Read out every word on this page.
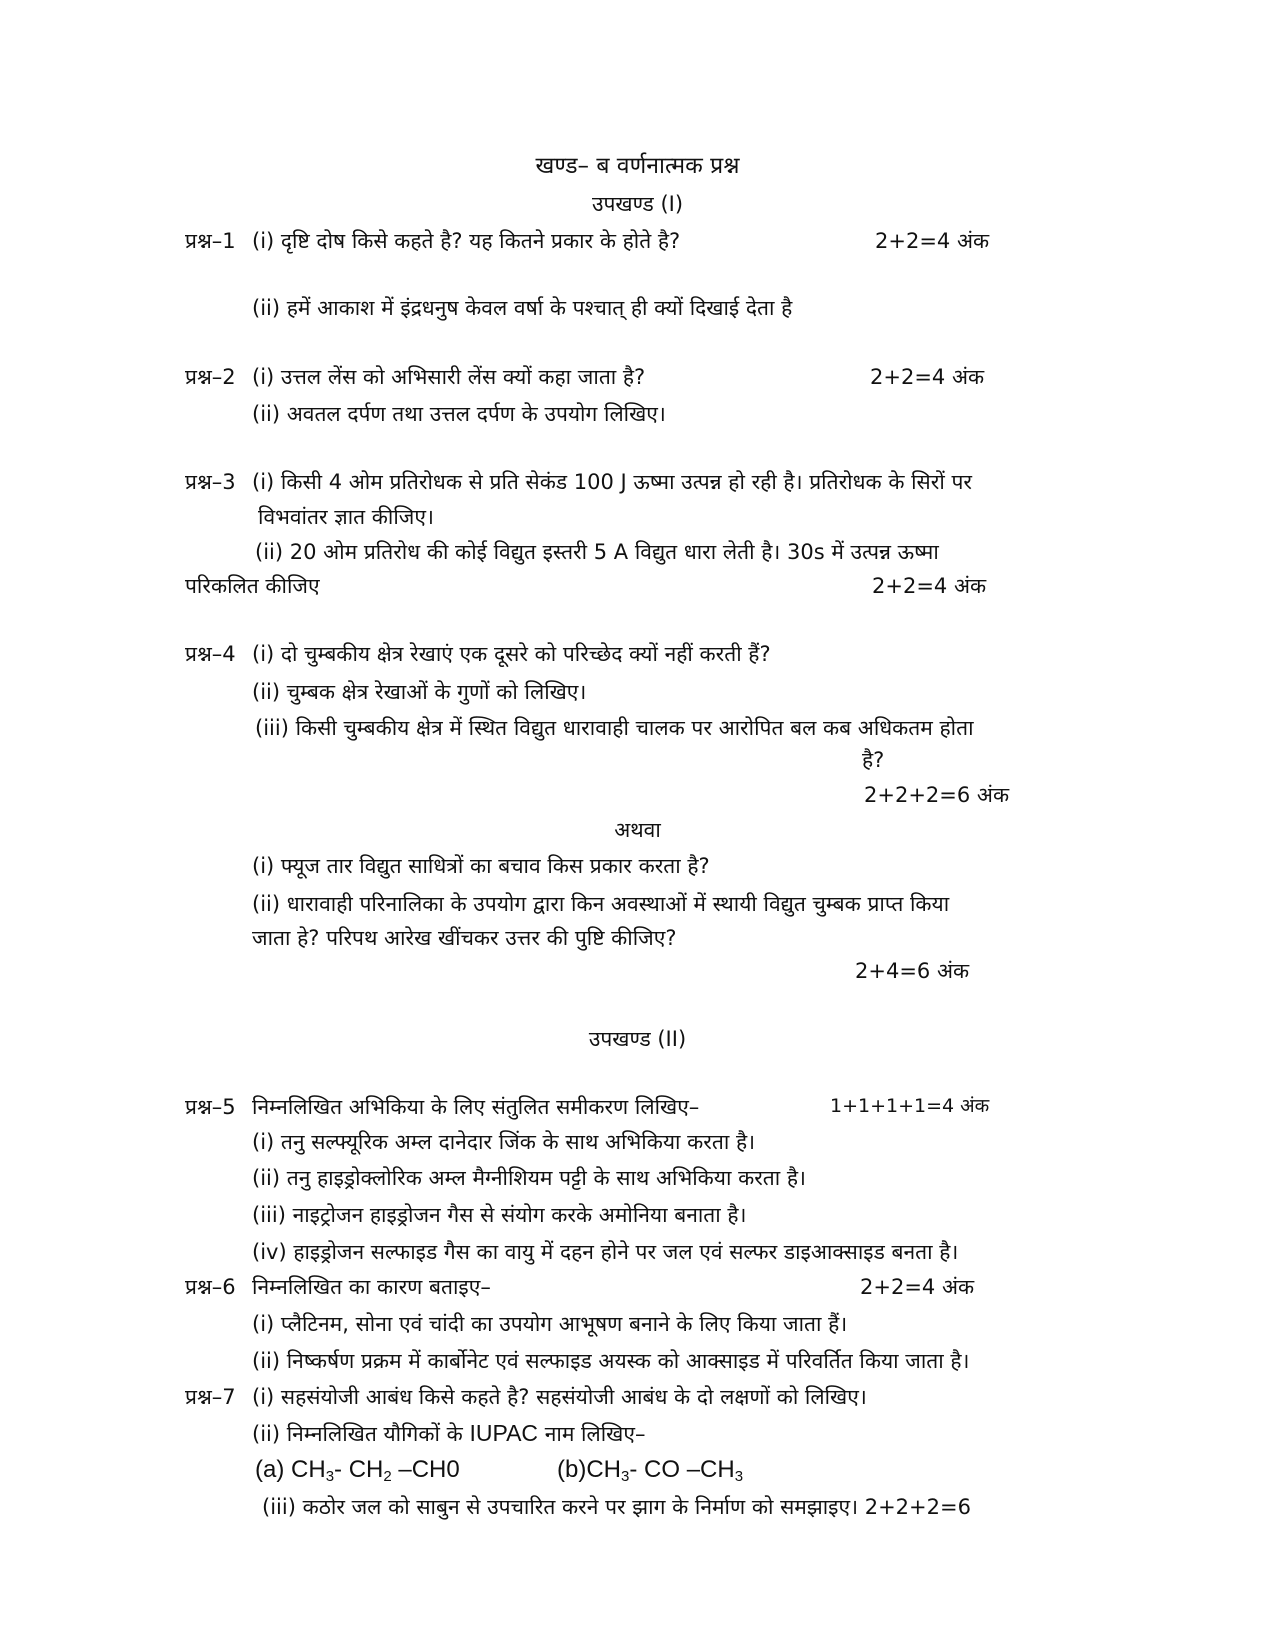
खण्ड– ब वर्णनात्मक प्रश्न
उपखण्ड (I)
प्रश्न–1 (i) दृष्टि दोष किसे कहते है? यह कितने प्रकार के होते है?	2+2=4 अंक
(ii) हमें आकाश में इंद्रधनुष केवल वर्षा के पश्चात् ही क्यों दिखाई देता है
प्रश्न–2 (i) उत्तल लेंस को अभिसारी लेंस क्यों कहा जाता है?	2+2=4 अंक
(ii) अवतल दर्पण तथा उत्तल दर्पण के उपयोग लिखिए।
प्रश्न–3 (i) किसी 4 ओम प्रतिरोधक से प्रति सेकंड 100 J ऊष्मा उत्पन्न हो रही है। प्रतिरोधक के सिरों पर
विभवांतर ज्ञात कीजिए।
(ii) 20 ओम प्रतिरोध की कोई विद्युत इस्तरी 5 A विद्युत धारा लेती है। 30s में उत्पन्न ऊष्मा
परिकलित कीजिए	2+2=4 अंक
प्रश्न–4 (i) दो चुम्बकीय क्षेत्र रेखाएं एक दूसरे को परिच्छेद क्यों नहीं करती हैं?
(ii) चुम्बक क्षेत्र रेखाओं के गुणों को लिखिए।
(iii) किसी चुम्बकीय क्षेत्र में स्थित विद्युत धारावाही चालक पर आरोपित बल कब अधिकतम होता
है?
2+2+2=6 अंक
अथवा
(i) फ्यूज तार विद्युत साधित्रों का बचाव किस प्रकार करता है?
(ii) धारावाही परिनालिका के उपयोग द्वारा किन अवस्थाओं में स्थायी विद्युत चुम्बक प्राप्त किया
जाता हे? परिपथ आरेख खींचकर उत्तर की पुष्टि कीजिए?
2+4=6 अंक
उपखण्ड (II)
प्रश्न–5 निम्नलिखित अभिकिया के लिए संतुलित समीकरण लिखिए–	1+1+1+1=4 अंक
(i) तनु सल्फ्यूरिक अम्ल दानेदार जिंक के साथ अभिकिया करता है।
(ii) तनु हाइड्रोक्लोरिक अम्ल मैग्नीशियम पट्टी के साथ अभिकिया करता है।
(iii) नाइट्रोजन हाइड्रोजन गैस से संयोग करके अमोनिया बनाता है।
(iv) हाइड्रोजन सल्फाइड गैस का वायु में दहन होने पर जल एवं सल्फर डाइआक्साइड बनता है।
प्रश्न–6 निम्नलिखित का कारण बताइए–	2+2=4 अंक
(i) प्लैटिनम, सोना एवं चांदी का उपयोग आभूषण बनाने के लिए किया जाता हैं।
(ii) निष्कर्षण प्रक्रम में कार्बोनेट एवं सल्फाइड अयस्क को आक्साइड में परिवर्तित किया जाता है।
प्रश्न–7 (i) सहसंयोजी आबंध किसे कहते है? सहसंयोजी आबंध के दो लक्षणों को लिखिए।
(ii) निम्नलिखित यौगिकों के IUPAC नाम लिखिए–
(a) $CH_3-$ $CH_2$ –CH0	$(b)CH_3-$ CO $-CH_3$
(iii) कठोर जल को साबुन से उपचारित करने पर झाग के निर्माण को समझाइए। 2+2+2=6
